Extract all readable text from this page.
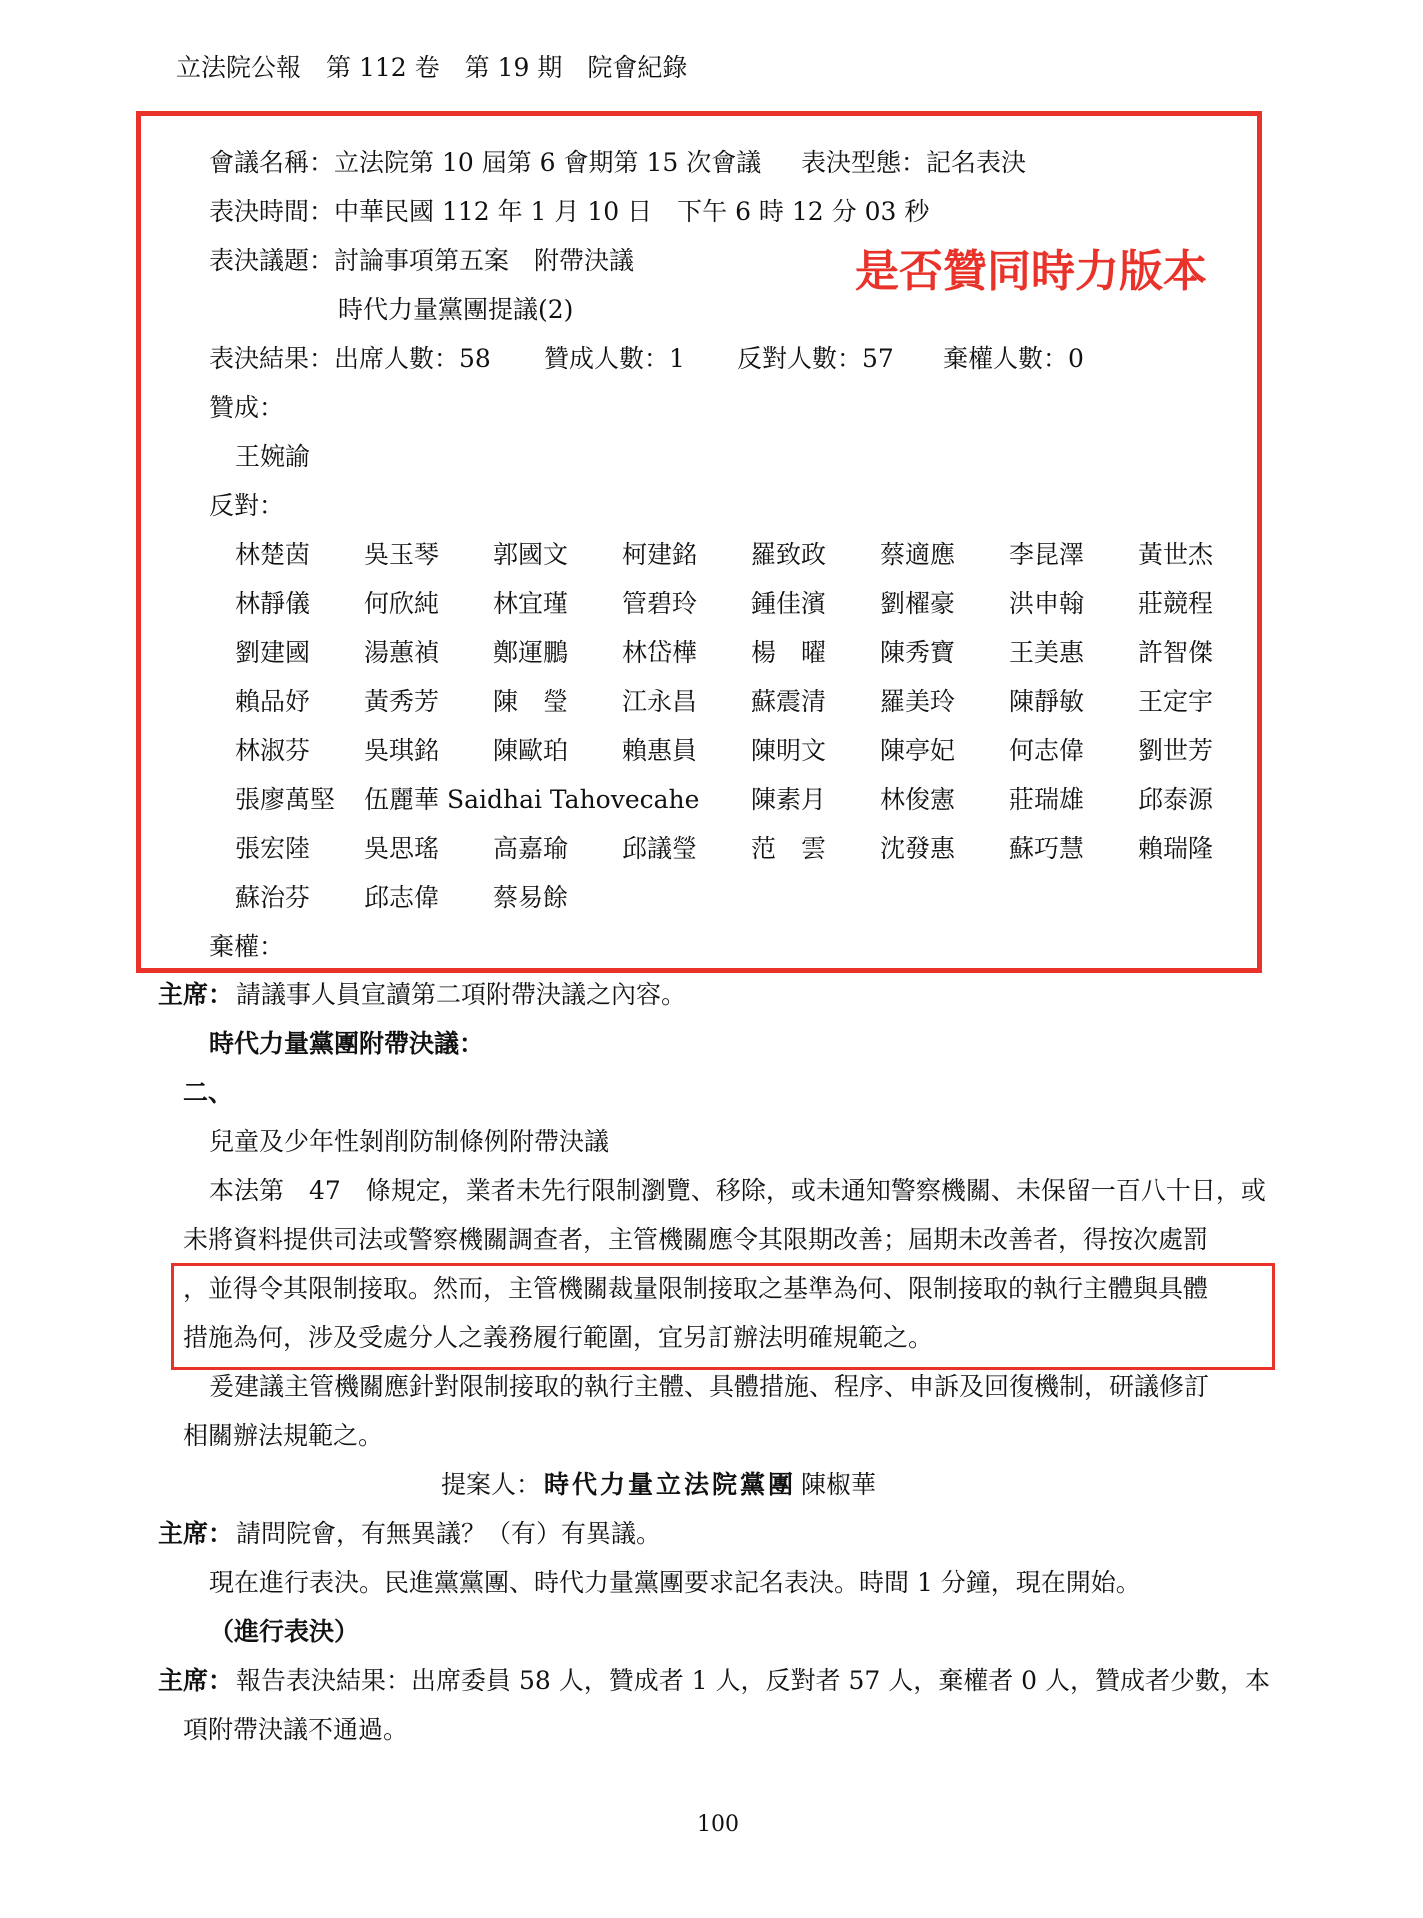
立法院公報　第 112 卷　第 19 期　院會紀錄
是否贊同時力版本
會議名稱：立法院第 10 屆第 6 會期第 15 次會議 表決型態：記名表決
表決時間：中華民國 112 年 1 月 10 日　下午 6 時 12 分 03 秒
表決議題：討論事項第五案　附帶決議
時代力量黨團提議(2)
表決結果：出席人數：58 贊成人數：1 反對人數：57 棄權人數：0
贊成：
王婉諭
反對：
林楚茵 吳玉琴 郭國文 柯建銘 羅致政 蔡適應 李昆澤 黃世杰
林靜儀 何欣純 林宜瑾 管碧玲 鍾佳濱 劉櫂豪 洪申翰 莊競程
劉建國 湯蕙禎 鄭運鵬 林岱樺 楊　曜 陳秀寶 王美惠 許智傑
賴品妤 黃秀芳 陳　瑩 江永昌 蘇震清 羅美玲 陳靜敏 王定宇
林淑芬 吳琪銘 陳歐珀 賴惠員 陳明文 陳亭妃 何志偉 劉世芳
張廖萬堅 伍麗華 Saidhai Tahovecahe 陳素月 林俊憲 莊瑞雄 邱泰源
張宏陸 吳思瑤 高嘉瑜 邱議瑩 范　雲 沈發惠 蘇巧慧 賴瑞隆
蘇治芬 邱志偉 蔡易餘
棄權：
主席： 請議事人員宣讀第二項附帶決議之內容。
時代力量黨團附帶決議：
二、
兒童及少年性剝削防制條例附帶決議
本法第　47　條規定，業者未先行限制瀏覽、移除，或未通知警察機關、未保留一百八十日，或
未將資料提供司法或警察機關調查者，主管機關應令其限期改善；屆期未改善者，得按次處罰
，並得令其限制接取。然而，主管機關裁量限制接取之基準為何、限制接取的執行主體與具體
措施為何，涉及受處分人之義務履行範圍，宜另訂辦法明確規範之。
爰建議主管機關應針對限制接取的執行主體、具體措施、程序、申訴及回復機制，研議修訂
相關辦法規範之。
提案人： 時代力量立法院黨團 陳椒華
主席： 請問院會，有無異議？（有）有異議。
現在進行表決。民進黨黨團、時代力量黨團要求記名表決。時間 1 分鐘，現在開始。
（進行表決）
主席： 報告表決結果：出席委員 58 人，贊成者 1 人，反對者 57 人，棄權者 0 人，贊成者少數，本
項附帶決議不通過。
100
